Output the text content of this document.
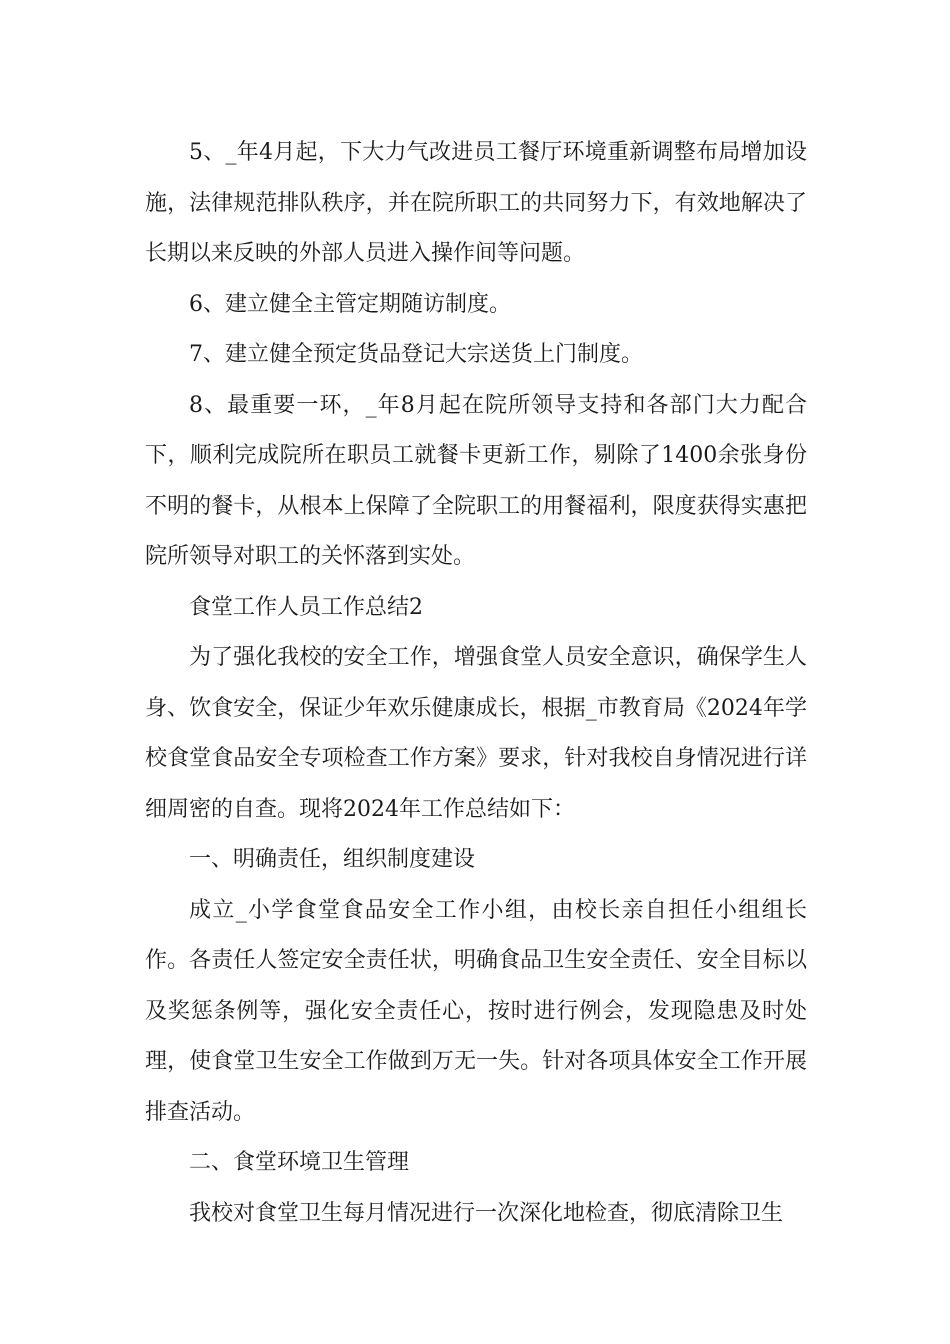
5、_年4月起，下大力气改进员工餐厅环境重新调整布局增加设施，法律规范排队秩序，并在院所职工的共同努力下，有效地解决了长期以来反映的外部人员进入操作间等问题。

6、建立健全主管定期随访制度。

7、建立健全预定货品登记大宗送货上门制度。

8、最重要一环，_年8月起在院所领导支持和各部门大力配合下，顺利完成院所在职员工就餐卡更新工作，剔除了1400余张身份不明的餐卡，从根本上保障了全院职工的用餐福利，限度获得实惠把院所领导对职工的关怀落到实处。

食堂工作人员工作总结2

为了强化我校的安全工作，增强食堂人员安全意识，确保学生人身、饮食安全，保证少年欢乐健康成长，根据_市教育局《2024年学校食堂食品安全专项检查工作方案》要求，针对我校自身情况进行详细周密的自查。现将2024年工作总结如下：

一、明确责任，组织制度建设

成立_小学食堂食品安全工作小组，由校长亲自担任小组组长作。各责任人签定安全责任状，明确食品卫生安全责任、安全目标以及奖惩条例等，强化安全责任心，按时进行例会，发现隐患及时处理，使食堂卫生安全工作做到万无一失。针对各项具体安全工作开展排查活动。

二、食堂环境卫生管理

我校对食堂卫生每月情况进行一次深化地检查，彻底清除卫生
